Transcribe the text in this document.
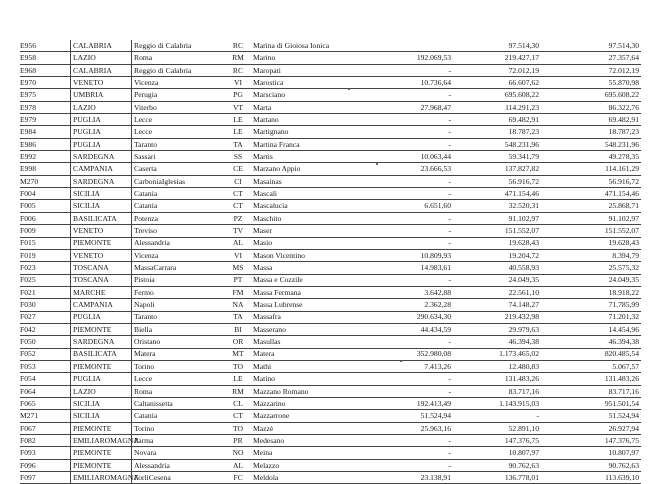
E956	CALABRIA	Reggio di Calabria	RC	Marina di Gioiosa Ionica		97.514,30	97.514,30
E958	LAZIO	Roma	RM	Marino	192.069,53	219.427,17	27.357,64
E968	CALABRIA	Reggio di Calabria	RC	Maropati	-	72.012,19	72.012,19
E970	VENETO	Vicenza	VI	Marostica	10.736,64	66.607,62	55.870,98
E975	UMBRIA	Perugia	PG	Marsciano	-	695.608,22	695.608,22
E978	LAZIO	Viterbo	VT	Marta	27.968,47	114.291,23	86.322,76
E979	PUGLIA	Lecce	LE	Martano	-	69.482,91	69.482,91
E984	PUGLIA	Lecce	LE	Martignano	-	18.787,23	18.787,23
E986	PUGLIA	Taranto	TA	Martina Franca	-	548.231,96	548.231,96
E992	SARDEGNA	Sassari	SS	Martis	10.063,44	59.341,79	49.278,35
E998	CAMPANIA	Caserta	CE	Marzano Appio	23.666,53	137.827,82	114.161,29
M270	SARDEGNA	CarboniaIglesias	CI	Masainas	-	56.916,72	56.916,72
F004	SICILIA	Catania	CT	Mascali	-	471.154,46	471.154,46
F005	SICILIA	Catania	CT	Mascalucia	6.651,60	32.520,31	25.868,71
F006	BASILICATA	Potenza	PZ	Maschito	-	91.102,97	91.102,97
F009	VENETO	Treviso	TV	Maser	-	151.552,07	151.552,07
F015	PIEMONTE	Alessandria	AL	Masio	-	19.628,43	19.628,43
F019	VENETO	Vicenza	VI	Mason Vicentino	10.809,93	19.204,72	8.394,79
F023	TOSCANA	MassaCarrara	MS	Massa	14.983,61	40.558,93	25.575,32
F025	TOSCANA	Pistoia	PT	Massa e Cozzile	-	24.049,35	24.049,35
F021	MARCHE	Fermo	FM	Massa Fermana	3.642,88	22.561,10	18.918,22
F030	CAMPANIA	Napoli	NA	Massa Lubrense	2.362,28	74.148,27	71.785,99
F027	PUGLIA	Taranto	TA	Massafra	290.634,30	219.432,98	71.201,32
F042	PIEMONTE	Biella	BI	Masserano	44.434,59	29.979,63	14.454,96
F050	SARDEGNA	Oristano	OR	Masullas	-	46.394,38	46.394,38
F052	BASILICATA	Matera	MT	Matera	352.980,08	1.173.465,02	820.485,54
F053	PIEMONTE	Torino	TO	Mathi	7.413,26	12.480,83	5.067,57
F054	PUGLIA	Lecce	LE	Matino	-	131.483,26	131.483,26
F064	LAZIO	Roma	RM	Mazzano Romano	-	83.717,16	83.717,16
F065	SICILIA	Caltanissetta	CL	Mazzarino	192.413,49	1.143.915,03	951.501,54
M271	SICILIA	Catania	CT	Mazzarrone	51.524,94	-	51.524,94
F067	PIEMONTE	Torino	TO	Mazzè	25.963,16	52.891,10	26.927,94
F082	EMILIAROMAGNA	Parma	PR	Medesano	-	147.376,75	147.376,75
F093	PIEMONTE	Novara	NO	Meina	-	10.807,97	10.807,97
F096	PIEMONTE	Alessandria	AL	Melazzo	-	90.762,63	90.762,63
F097	EMILIAROMAGNA	ForliCesena	FC	Meldola	23.138,91	136.778,01	113.639,10
